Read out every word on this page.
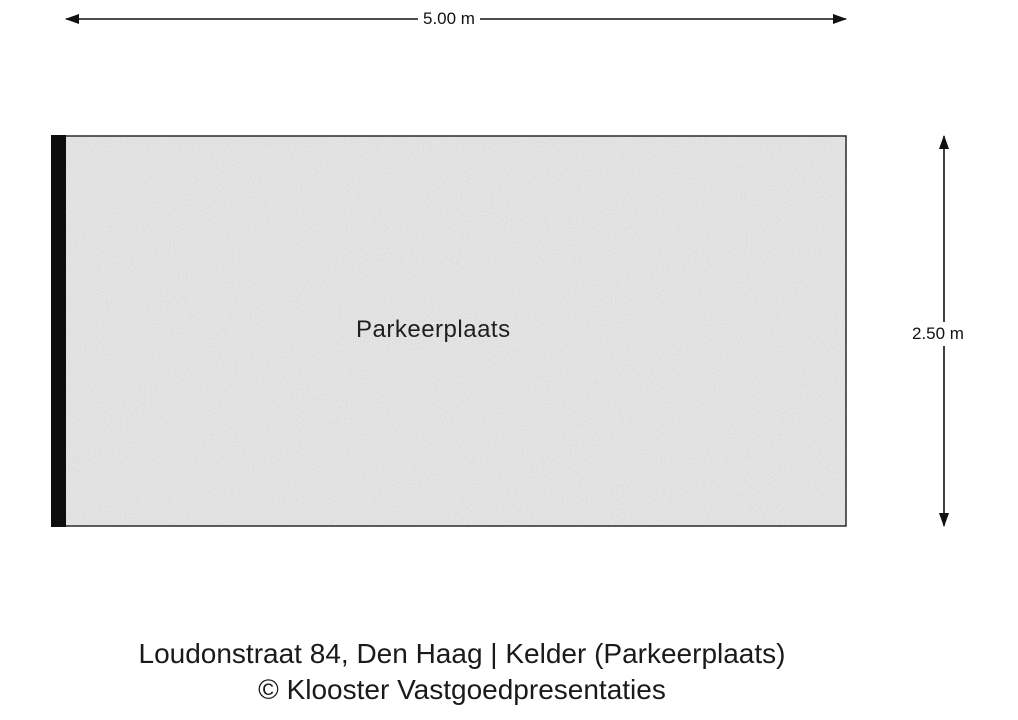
5.00 m
2.50 m
Parkeerplaats
Loudonstraat 84, Den Haag | Kelder (Parkeerplaats)
© Klooster Vastgoedpresentaties
